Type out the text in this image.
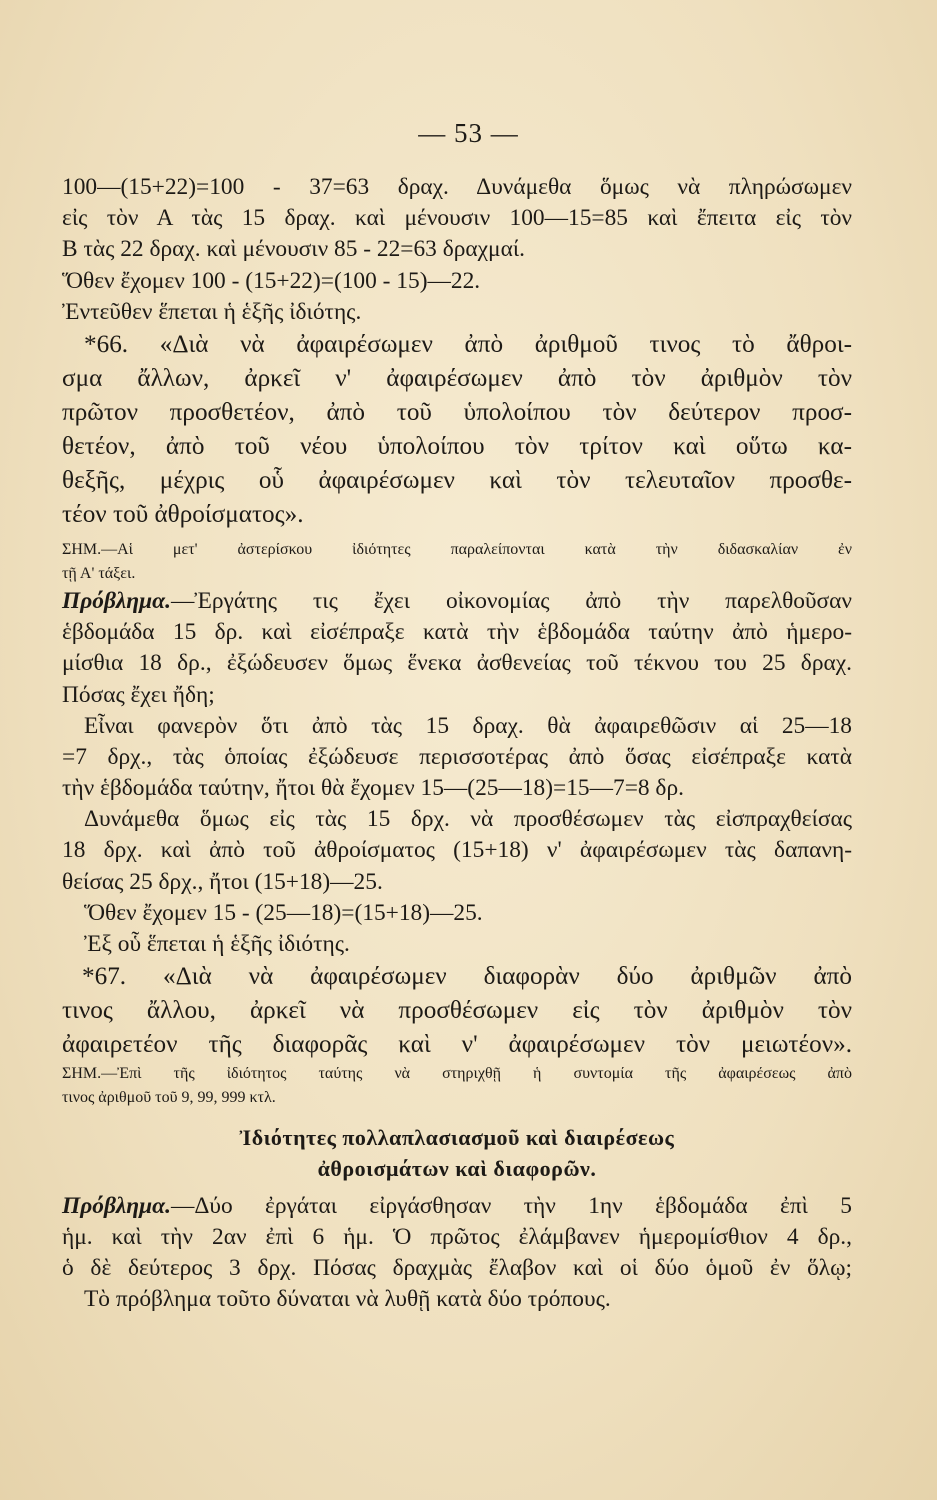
— 53 —
100—(15+22)=100 - 37=63 δραχ. Δυνάμεθα ὅμως νὰ πληρώσωμεν
εἰς τὸν Α τὰς 15 δραχ. καὶ μένουσιν 100—15=85 καὶ ἔπειτα εἰς τὸν
Β τὰς 22 δραχ. καὶ μένουσιν 85 - 22=63 δραχμαί.
Ὅθεν ἔχομεν 100 - (15+22)=(100 - 15)—22.
Ἐντεῦθεν ἕπεται ἡ ἑξῆς ἰδιότης.
*66. «Διὰ νὰ ἀφαιρέσωμεν ἀπὸ ἀριθμοῦ τινος τὸ ἄθροι-
σμα ἄλλων, ἀρκεῖ ν' ἀφαιρέσωμεν ἀπὸ τὸν ἀριθμὸν τὸν
πρῶτον προσθετέον, ἀπὸ τοῦ ὑπολοίπου τὸν δεύτερον προσ-
θετέον, ἀπὸ τοῦ νέου ὑπολοίπου τὸν τρίτον καὶ οὕτω κα-
θεξῆς, μέχρις οὗ ἀφαιρέσωμεν καὶ τὸν τελευταῖον προσθε-
τέον τοῦ ἀθροίσματος».
ΣΗΜ.—Αἱ μετ' ἀστερίσκου ἰδιότητες παραλείπονται κατὰ τὴν διδασκαλίαν ἐν
τῇ Α' τάξει.
Πρόβλημα.—Ἐργάτης τις ἔχει οἰκονομίας ἀπὸ τὴν παρελθοῦσαν
ἑβδομάδα 15 δρ. καὶ εἰσέπραξε κατὰ τὴν ἑβδομάδα ταύτην ἀπὸ ἡμερο-
μίσθια 18 δρ., ἐξώδευσεν ὅμως ἕνεκα ἀσθενείας τοῦ τέκνου του 25 δραχ.
Πόσας ἔχει ἤδη;
Εἶναι φανερὸν ὅτι ἀπὸ τὰς 15 δραχ. θὰ ἀφαιρεθῶσιν αἱ 25—18
=7 δρχ., τὰς ὁποίας ἐξώδευσε περισσοτέρας ἀπὸ ὅσας εἰσέπραξε κατὰ
τὴν ἑβδομάδα ταύτην, ἤτοι θὰ ἔχομεν 15—(25—18)=15—7=8 δρ.
Δυνάμεθα ὅμως εἰς τὰς 15 δρχ. νὰ προσθέσωμεν τὰς εἰσπραχθείσας
18 δρχ. καὶ ἀπὸ τοῦ ἀθροίσματος (15+18) ν' ἀφαιρέσωμεν τὰς δαπανη-
θείσας 25 δρχ., ἤτοι (15+18)—25.
Ὅθεν ἔχομεν 15 - (25—18)=(15+18)—25.
Ἐξ οὗ ἕπεται ἡ ἑξῆς ἰδιότης.
*67. «Διὰ νὰ ἀφαιρέσωμεν διαφορὰν δύο ἀριθμῶν ἀπὸ
τινος ἄλλου, ἀρκεῖ νὰ προσθέσωμεν εἰς τὸν ἀριθμὸν τὸν
ἀφαιρετέον τῆς διαφορᾶς καὶ ν' ἀφαιρέσωμεν τὸν μειωτέον».
ΣΗΜ.—Ἐπὶ τῆς ἰδιότητος ταύτης νὰ στηριχθῇ ἡ συντομία τῆς ἀφαιρέσεως ἀπὸ
τινος ἀριθμοῦ τοῦ 9, 99, 999 κτλ.
Ἰδιότητες πολλαπλασιασμοῦ καὶ διαιρέσεως
ἀθροισμάτων καὶ διαφορῶν.
Πρόβλημα.—Δύο ἐργάται εἰργάσθησαν τὴν 1ην ἑβδομάδα ἐπὶ 5
ἡμ. καὶ τὴν 2αν ἐπὶ 6 ἡμ. Ὁ πρῶτος ἐλάμβανεν ἡμερομίσθιον 4 δρ.,
ὁ δὲ δεύτερος 3 δρχ. Πόσας δραχμὰς ἔλαβον καὶ οἱ δύο ὁμοῦ ἐν ὅλῳ;
Τὸ πρόβλημα τοῦτο δύναται νὰ λυθῇ κατὰ δύο τρόπους.
